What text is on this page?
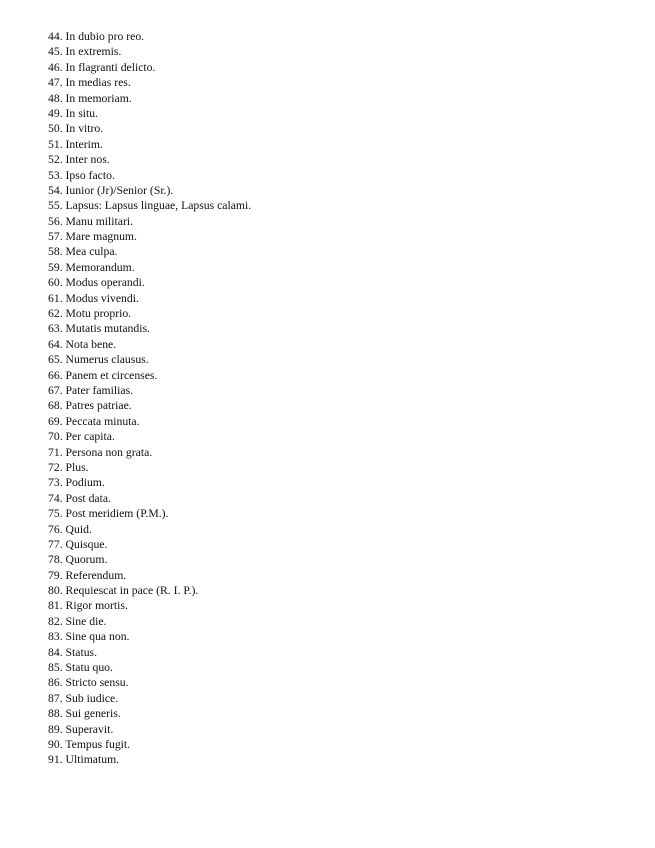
44. In dubio pro reo.
45. In extremis.
46. In flagranti delicto.
47. In medias res.
48. In memoriam.
49. In situ.
50. In vitro.
51. Interim.
52. Inter nos.
53. Ipso facto.
54. Iunior (Jr)/Senior (Sr.).
55. Lapsus: Lapsus linguae, Lapsus calami.
56. Manu militari.
57. Mare magnum.
58. Mea culpa.
59. Memorandum.
60. Modus operandi.
61. Modus vivendi.
62. Motu proprio.
63. Mutatis mutandis.
64. Nota bene.
65. Numerus clausus.
66. Panem et circenses.
67. Pater familias.
68. Patres patriae.
69. Peccata minuta.
70. Per capita.
71. Persona non grata.
72. Plus.
73. Podium.
74. Post data.
75. Post meridiem (P.M.).
76. Quid.
77. Quisque.
78. Quorum.
79. Referendum.
80. Requiescat in pace (R. I. P.).
81. Rigor mortis.
82. Sine die.
83. Sine qua non.
84. Status.
85. Statu quo.
86. Stricto sensu.
87. Sub iudice.
88. Sui generis.
89. Superavit.
90. Tempus fugit.
91. Ultimatum.
